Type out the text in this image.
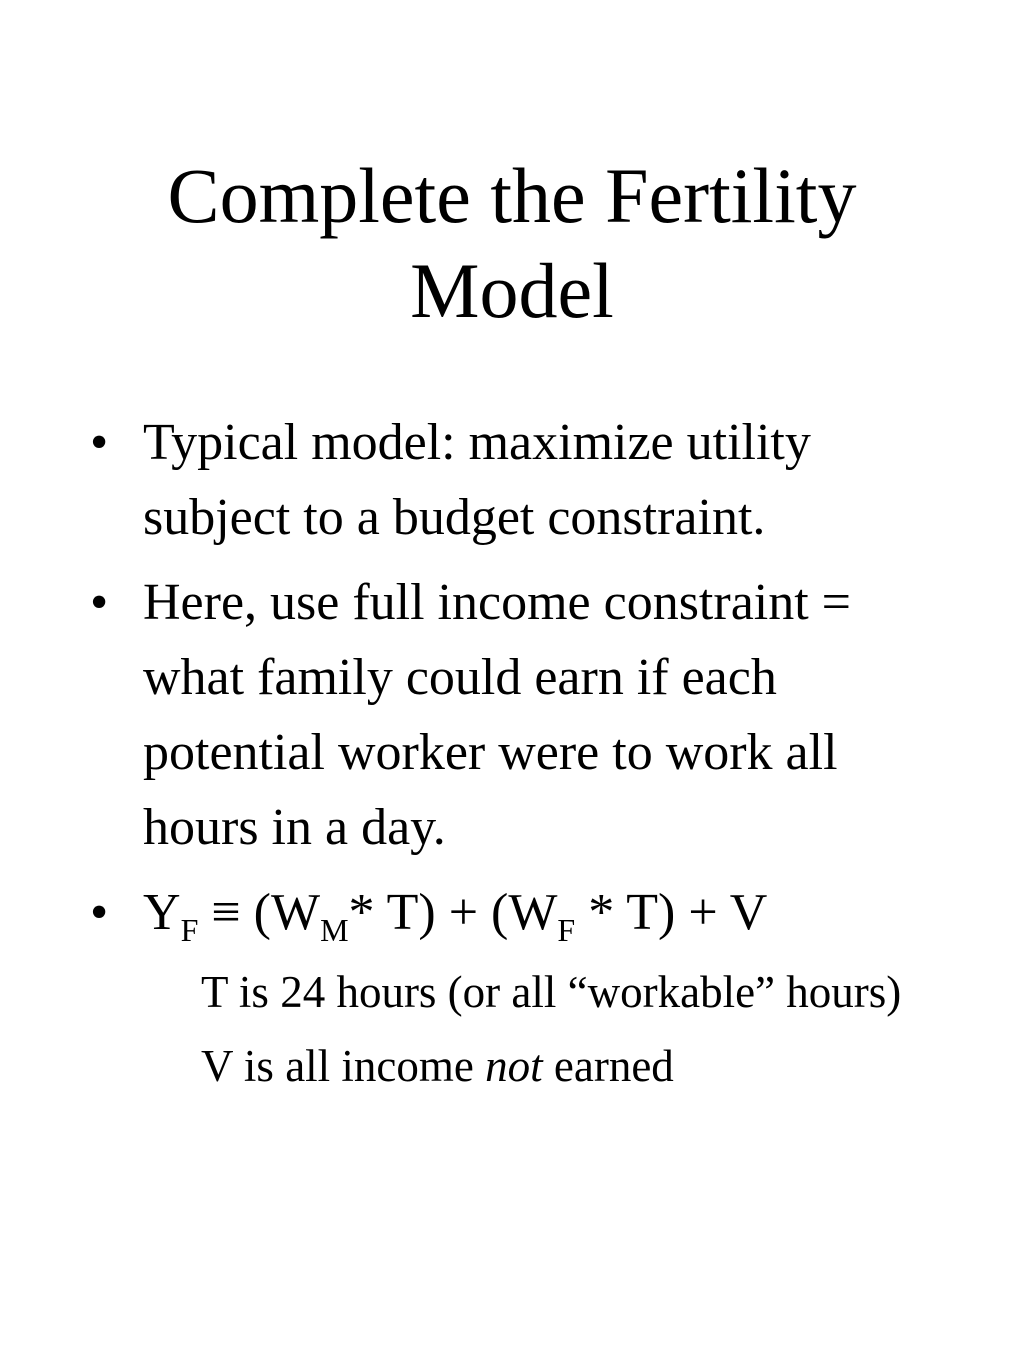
Complete the Fertility
Model
• Typical model: maximize utility subject to a budget constraint.
• Here, use full income constraint = what family could earn if each potential worker were to work all hours in a day.
• $Y_F \equiv (W_M*$ $T) + (W_F * T) + V$
T is 24 hours (or all “workable” hours)
V is all income not earned
